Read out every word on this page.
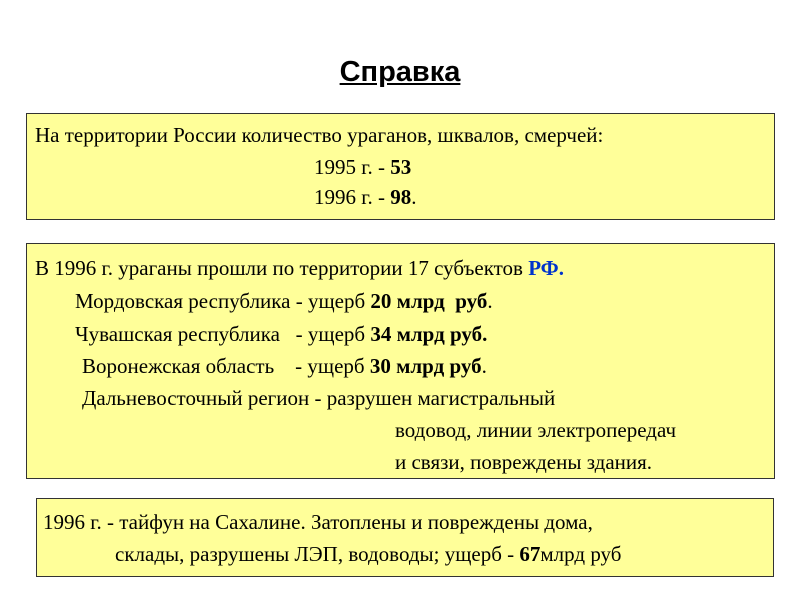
Справка
На территории России количество ураганов, шквалов, смерчей:
1995 г. - 53
1996 г. - 98.
В 1996 г. ураганы прошли по территории 17 субъектов РФ.
Мордовская республика - ущерб 20 млрд  руб.
Чувашская республика   - ущерб 34 млрд руб.
Воронежская область    - ущерб 30 млрд руб.
Дальневосточный регион - разрушен магистральный
водовод, линии электропередач
и связи, повреждены здания.
1996 г. - тайфун на Сахалине. Затоплены и повреждены дома,
склады, разрушены ЛЭП, водоводы; ущерб - 67млрд руб
